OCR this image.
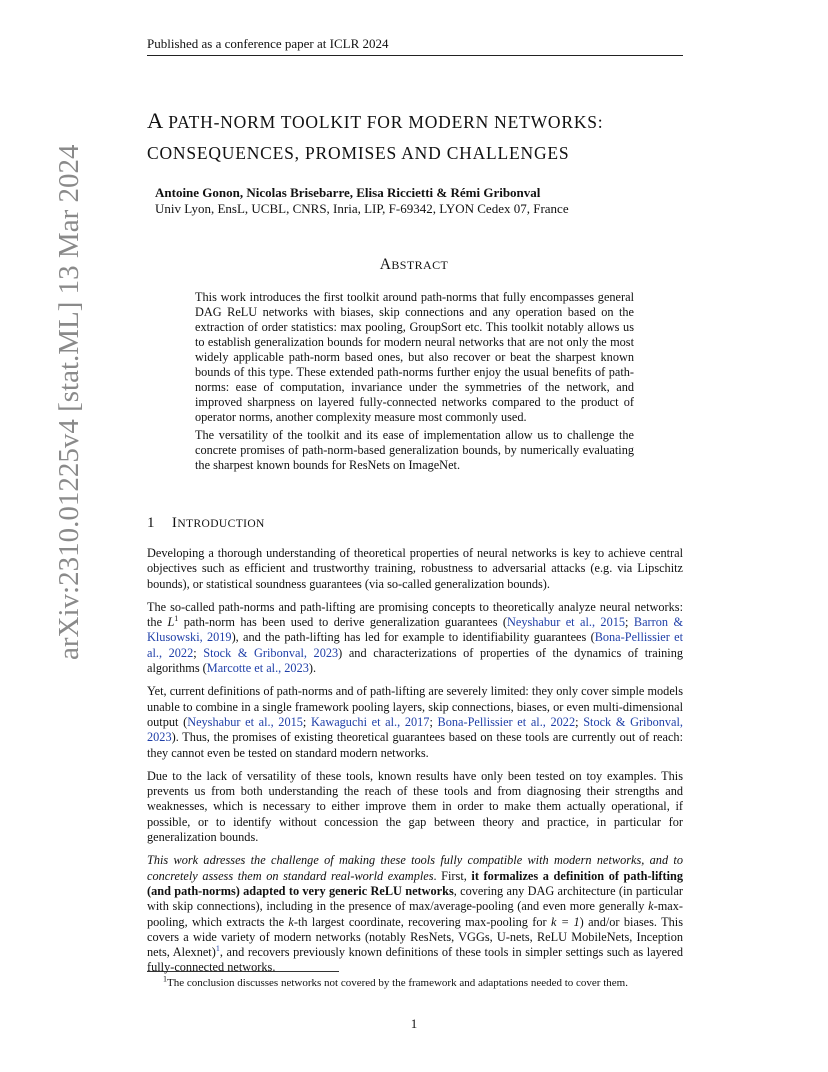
Published as a conference paper at ICLR 2024
arXiv:2310.01225v4 [stat.ML] 13 Mar 2024
A PATH-NORM TOOLKIT FOR MODERN NETWORKS:
CONSEQUENCES, PROMISES AND CHALLENGES
Antoine Gonon, Nicolas Brisebarre, Elisa Riccietti & Rémi Gribonval
Univ Lyon, EnsL, UCBL, CNRS, Inria, LIP, F-69342, LYON Cedex 07, France
ABSTRACT

This work introduces the first toolkit around path-norms that fully encompasses general DAG ReLU networks with biases, skip connections and any operation based on the extraction of order statistics: max pooling, GroupSort etc. This toolkit notably allows us to establish generalization bounds for modern neural networks that are not only the most widely applicable path-norm based ones, but also recover or beat the sharpest known bounds of this type. These extended path-norms further enjoy the usual benefits of path-norms: ease of computation, invariance under the symmetries of the network, and improved sharpness on layered fully-connected networks compared to the product of operator norms, another complexity measure most commonly used.

The versatility of the toolkit and its ease of implementation allow us to challenge the concrete promises of path-norm-based generalization bounds, by numerically evaluating the sharpest known bounds for ResNets on ImageNet.

1 INTRODUCTION

Developing a thorough understanding of theoretical properties of neural networks is key to achieve central objectives such as efficient and trustworthy training, robustness to adversarial attacks (e.g. via Lipschitz bounds), or statistical soundness guarantees (via so-called generalization bounds).

The so-called path-norms and path-lifting are promising concepts to theoretically analyze neural networks: the $L^1$ path-norm has been used to derive generalization guarantees (Neyshabur et al., 2015; Barron & Klusowski, 2019), and the path-lifting has led for example to identifiability guarantees (Bona-Pellissier et al., 2022; Stock & Gribonval, 2023) and characterizations of properties of the dynamics of training algorithms (Marcotte et al., 2023).

Yet, current definitions of path-norms and of path-lifting are severely limited: they only cover simple models unable to combine in a single framework pooling layers, skip connections, biases, or even multi-dimensional output (Neyshabur et al., 2015; Kawaguchi et al., 2017; Bona-Pellissier et al., 2022; Stock & Gribonval, 2023). Thus, the promises of existing theoretical guarantees based on these tools are currently out of reach: they cannot even be tested on standard modern networks.

Due to the lack of versatility of these tools, known results have only been tested on toy examples. This prevents us from both understanding the reach of these tools and from diagnosing their strengths and weaknesses, which is necessary to either improve them in order to make them actually operational, if possible, or to identify without concession the gap between theory and practice, in particular for generalization bounds.

This work adresses the challenge of making these tools fully compatible with modern networks, and to concretely assess them on standard real-world examples. First, it formalizes a definition of path-lifting (and path-norms) adapted to very generic ReLU networks, covering any DAG architecture (in particular with skip connections), including in the presence of max/average-pooling (and even more generally k-max-pooling, which extracts the k-th largest coordinate, recovering max-pooling for k = 1) and/or biases. This covers a wide variety of modern networks (notably ResNets, VGGs, U-nets, ReLU MobileNets, Inception nets, Alexnet)$^1$, and recovers previously known definitions of these tools in simpler settings such as layered fully-connected networks.

$^1$The conclusion discusses networks not covered by the framework and adaptations needed to cover them.
1
